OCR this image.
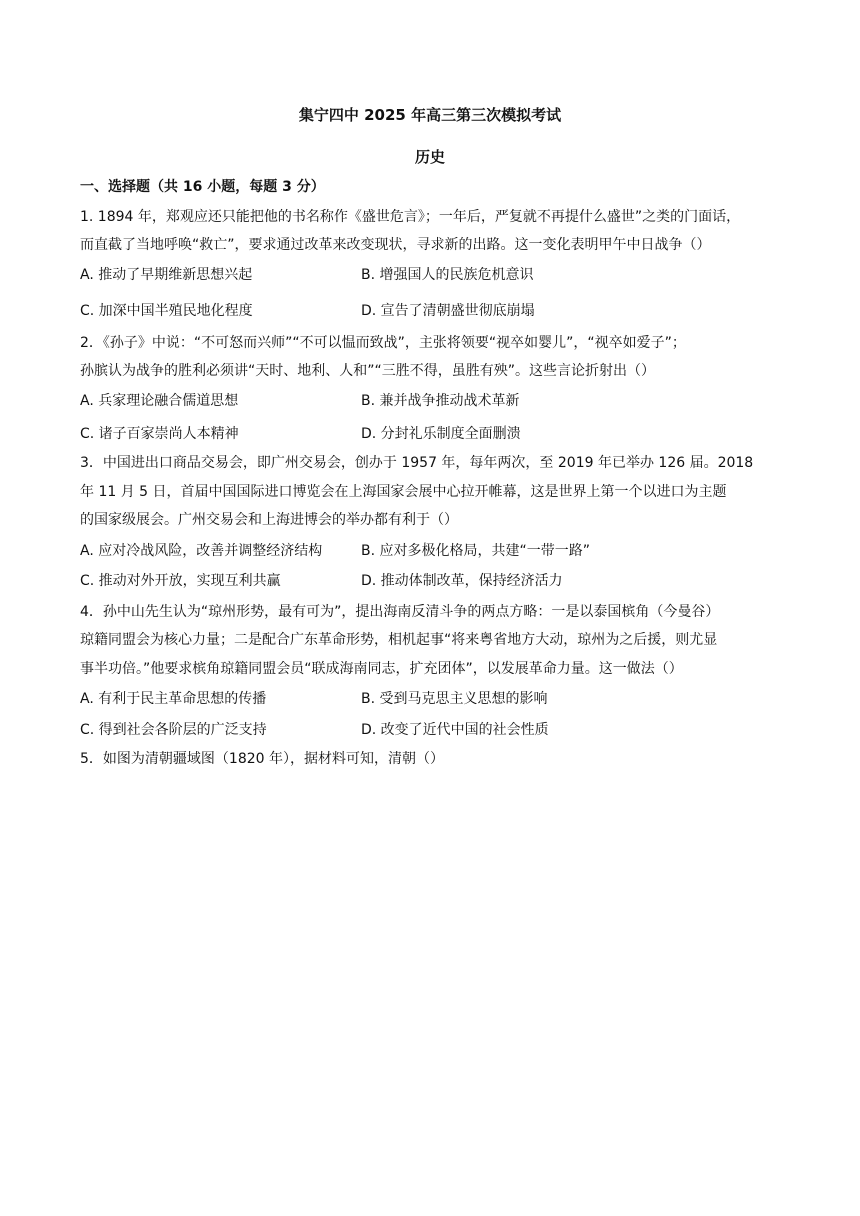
集宁四中 2025 年高三第三次模拟考试
历史
一、选择题（共 16 小题，每题 3 分）
1. 1894 年，郑观应还只能把他的书名称作《盛世危言》；一年后，严复就不再提什么盛世”之类的门面话，
而直截了当地呼唤“救亡”，要求通过改革来改变现状，寻求新的出路。这一变化表明甲午中日战争（）
A. 推动了早期维新思想兴起	B. 增强国人的民族危机意识
C. 加深中国半殖民地化程度	D. 宣告了清朝盛世彻底崩塌
2．《孙子》中说：“不可怒而兴师”“不可以愠而致战”，主张将领要“视卒如婴儿”，“视卒如爱子”；
孙膑认为战争的胜利必须讲“天时、地利、人和”“三胜不得，虽胜有殃”。这些言论折射出（）
A. 兵家理论融合儒道思想	B. 兼并战争推动战术革新
C. 诸子百家崇尚人本精神	D. 分封礼乐制度全面删溃
3．中国进出口商品交易会，即广州交易会，创办于 1957 年，每年两次，至 2019 年已举办 126 届。2018
年 11 月 5 日，首届中国国际进口博览会在上海国家会展中心拉开帷幕，这是世界上第一个以进口为主题
的国家级展会。广州交易会和上海进博会的举办都有利于（）
A. 应对冷战风险，改善并调整经济结构	B. 应对多极化格局，共建“一带一路”
C. 推动对外开放，实现互利共赢	D. 推动体制改革，保持经济活力
4．孙中山先生认为“琼州形势，最有可为”，提出海南反清斗争的两点方略：一是以泰国槟角（今曼谷）
琼籍同盟会为核心力量；二是配合广东革命形势，相机起事“将来粤省地方大动，琼州为之后援，则尤显
事半功倍。”他要求槟角琼籍同盟会员“联成海南同志，扩充团体”，以发展革命力量。这一做法（）
A. 有利于民主革命思想的传播	B. 受到马克思主义思想的影响
C. 得到社会各阶层的广泛支持	D. 改变了近代中国的社会性质
5．如图为清朝疆域图（1820 年），据材料可知，清朝（）
